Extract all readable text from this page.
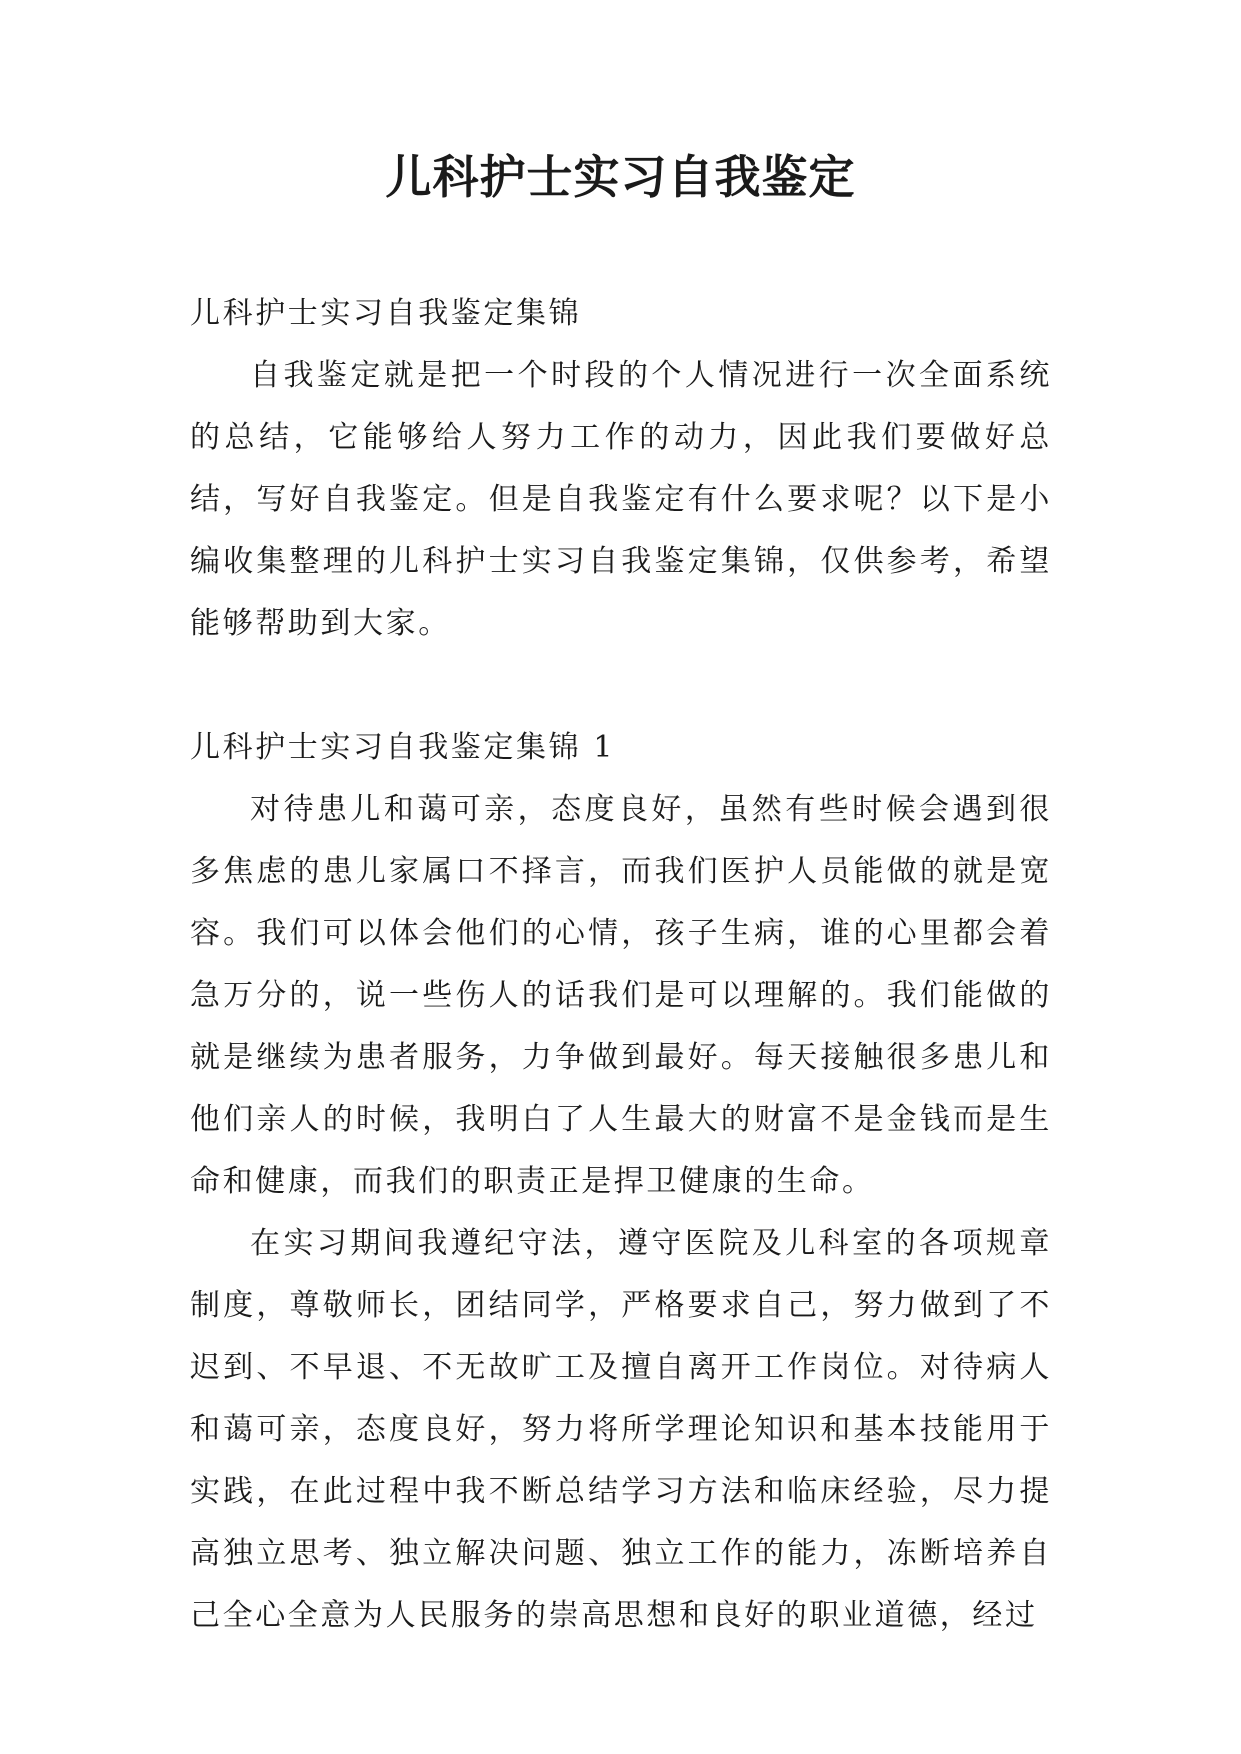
儿科护士实习自我鉴定

儿科护士实习自我鉴定集锦

自我鉴定就是把一个时段的个人情况进行一次全面系统的总结，它能够给人努力工作的动力，因此我们要做好总结，写好自我鉴定。但是自我鉴定有什么要求呢？以下是小编收集整理的儿科护士实习自我鉴定集锦，仅供参考，希望能够帮助到大家。

儿科护士实习自我鉴定集锦 1

对待患儿和蔼可亲，态度良好，虽然有些时候会遇到很多焦虑的患儿家属口不择言，而我们医护人员能做的就是宽容。我们可以体会他们的心情，孩子生病，谁的心里都会着急万分的，说一些伤人的话我们是可以理解的。我们能做的就是继续为患者服务，力争做到最好。每天接触很多患儿和他们亲人的时候，我明白了人生最大的财富不是金钱而是生命和健康，而我们的职责正是捍卫健康的生命。

在实习期间我遵纪守法，遵守医院及儿科室的各项规章制度，尊敬师长，团结同学，严格要求自己，努力做到了不迟到、不早退、不无故旷工及擅自离开工作岗位。对待病人和蔼可亲，态度良好，努力将所学理论知识和基本技能用于实践，在此过程中我不断总结学习方法和临床经验，尽力提高独立思考、独立解决问题、独立工作的能力，冻断培养自己全心全意为人民服务的崇高思想和良好的职业道德，经过
